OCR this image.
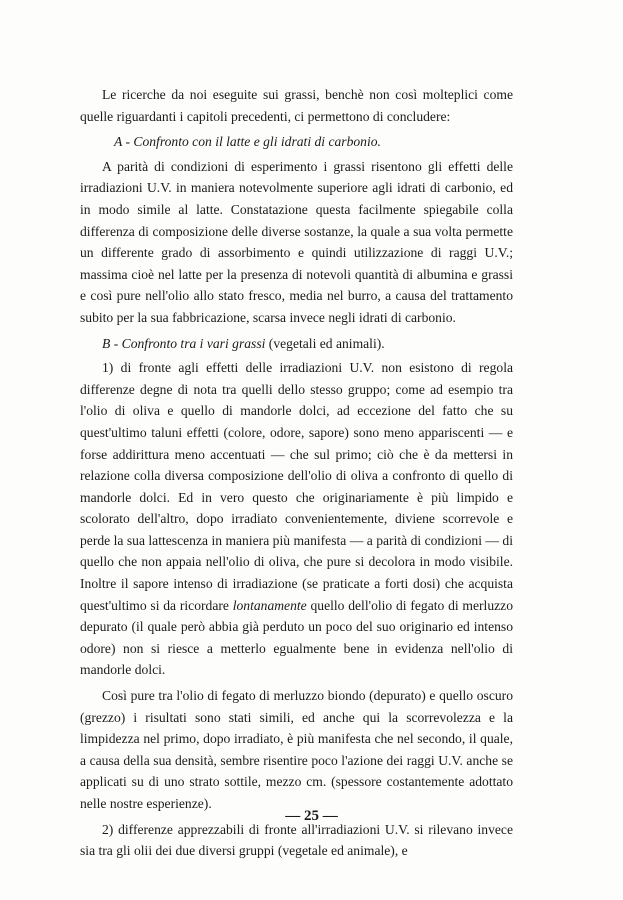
Le ricerche da noi eseguite sui grassi, benchè non così molteplici come quelle riguardanti i capitoli precedenti, ci permettono di concludere:

A - Confronto con il latte e gli idrati di carbonio.

A parità di condizioni di esperimento i grassi risentono gli effetti delle irradiazioni U.V. in maniera notevolmente superiore agli idrati di carbonio, ed in modo simile al latte. Constatazione questa facilmente spiegabile colla differenza di composizione delle diverse sostanze, la quale a sua volta permette un differente grado di assorbimento e quindi utilizzazione di raggi U.V.; massima cioè nel latte per la presenza di notevoli quantità di albumina e grassi e così pure nell'olio allo stato fresco, media nel burro, a causa del trattamento subito per la sua fabbricazione, scarsa invece negli idrati di carbonio.

B - Confronto tra i vari grassi (vegetali ed animali).

1) di fronte agli effetti delle irradiazioni U.V. non esistono di regola differenze degne di nota tra quelli dello stesso gruppo; come ad esempio tra l'olio di oliva e quello di mandorle dolci, ad eccezione del fatto che su quest'ultimo taluni effetti (colore, odore, sapore) sono meno appariscenti — e forse addirittura meno accentuati — che sul primo; ciò che è da mettersi in relazione colla diversa composizione dell'olio di oliva a confronto di quello di mandorle dolci. Ed in vero questo che originariamente è più limpido e scolorato dell'altro, dopo irradiato convenientemente, diviene scorrevole e perde la sua lattescenza in maniera più manifesta — a parità di condizioni — di quello che non appaia nell'olio di oliva, che pure si decolora in modo visibile. Inoltre il sapore intenso di irradiazione (se praticate a forti dosi) che acquista quest'ultimo si da ricordare lontanamente quello dell'olio di fegato di merluzzo depurato (il quale però abbia già perduto un poco del suo originario ed intenso odore) non si riesce a metterlo egualmente bene in evidenza nell'olio di mandorle dolci.

Così pure tra l'olio di fegato di merluzzo biondo (depurato) e quello oscuro (grezzo) i risultati sono stati simili, ed anche qui la scorrevolezza e la limpidezza nel primo, dopo irradiato, è più manifesta che nel secondo, il quale, a causa della sua densità, sembre risentire poco l'azione dei raggi U.V. anche se applicati su di uno strato sottile, mezzo cm. (spessore costantemente adottato nelle nostre esperienze).

2) differenze apprezzabili di fronte all'irradiazioni U.V. si rilevano invece sia tra gli olii dei due diversi gruppi (vegetale ed animale), e

— 25 —
